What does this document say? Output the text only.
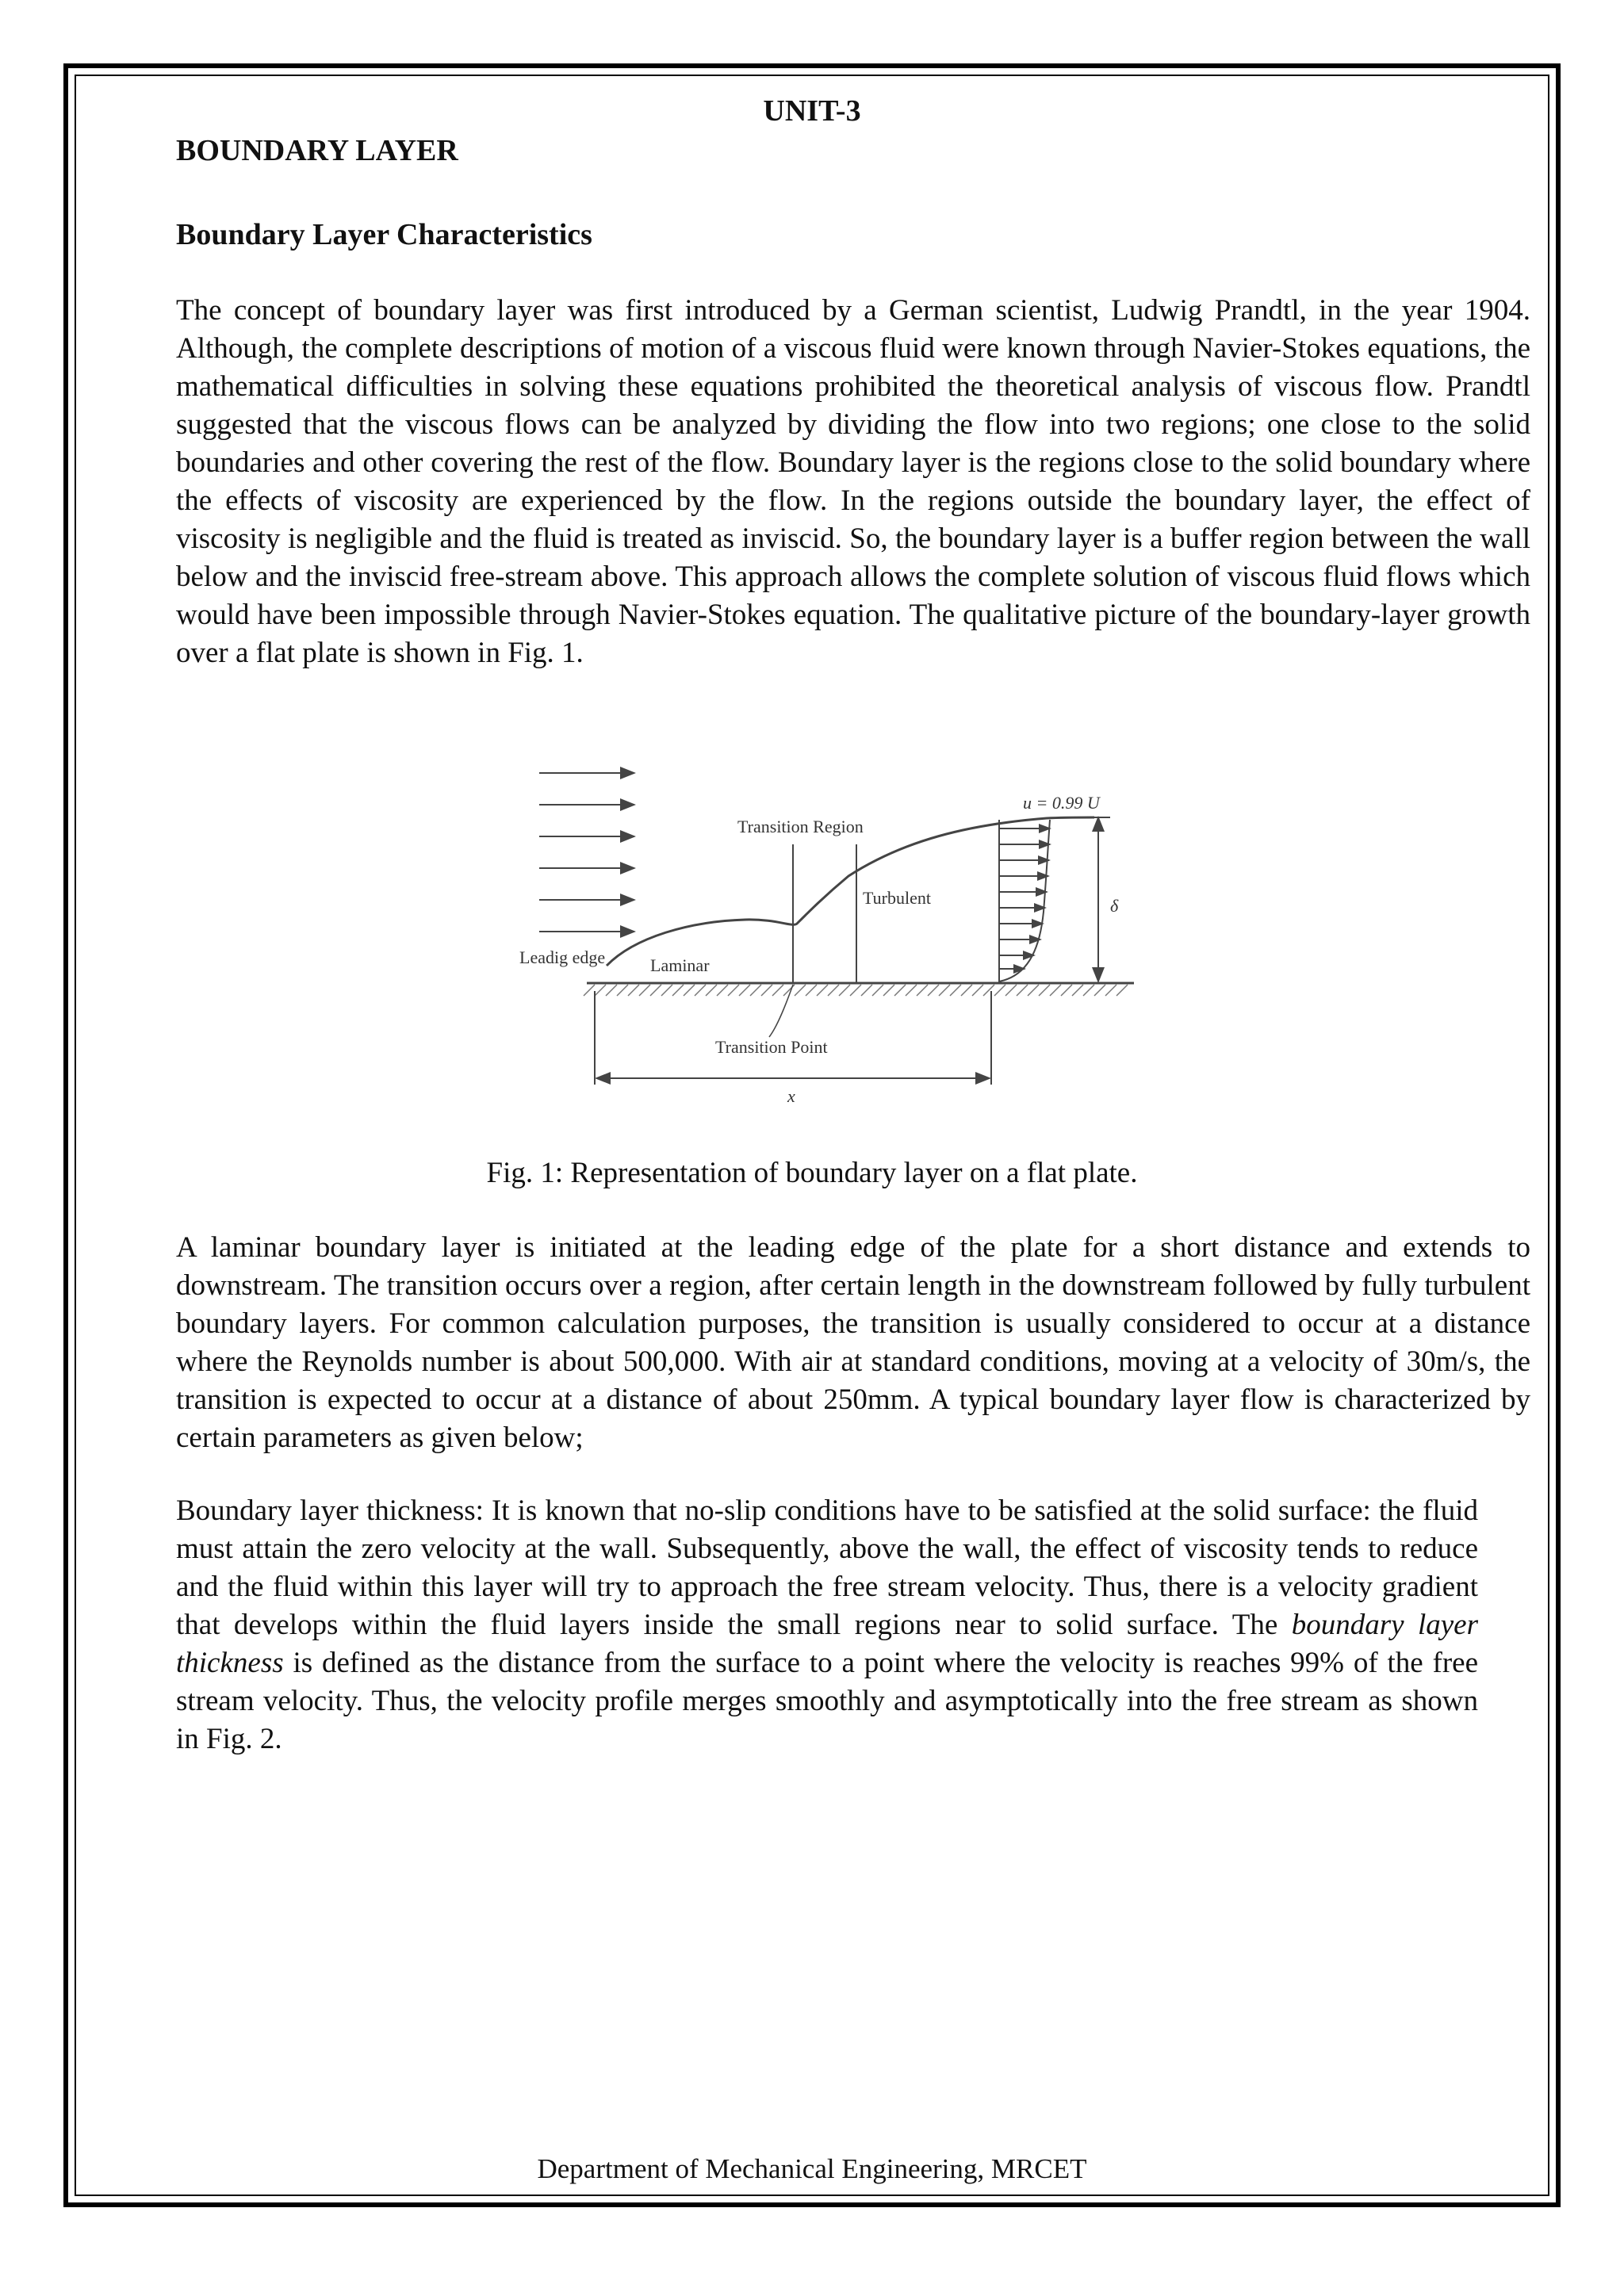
UNIT-3
BOUNDARY LAYER
Boundary Layer Characteristics

The concept of boundary layer was first introduced by a German scientist, Ludwig Prandtl, in the year 1904. Although, the complete descriptions of motion of a viscous fluid were known through Navier-Stokes equations, the mathematical difficulties in solving these equations prohibited the theoretical analysis of viscous flow. Prandtl suggested that the viscous flows can be analyzed by dividing the flow into two regions; one close to the solid boundaries and other covering the rest of the flow. Boundary layer is the regions close to the solid boundary where the effects of viscosity are experienced by the flow. In the regions outside the boundary layer, the effect of viscosity is negligible and the fluid is treated as inviscid. So, the boundary layer is a buffer region between the wall below and the inviscid free-stream above. This approach allows the complete solution of viscous fluid flows which would have been impossible through Navier-Stokes equation. The qualitative picture of the boundary-layer growth over a flat plate is shown in Fig. 1.

Transition Region
u = 0.99 U
Turbulent	δ
Leadig edge	Laminar
Transition Point
x
Fig. 1: Representation of boundary layer on a flat plate.

A laminar boundary layer is initiated at the leading edge of the plate for a short distance and extends to downstream. The transition occurs over a region, after certain length in the downstream followed by fully turbulent boundary layers. For common calculation purposes, the transition is usually considered to occur at a distance where the Reynolds number is about 500,000. With air at standard conditions, moving at a velocity of 30m/s, the transition is expected to occur at a distance of about 250mm. A typical boundary layer flow is characterized by certain parameters as given below;

Boundary layer thickness: It is known that no-slip conditions have to be satisfied at the solid surface: the fluid must attain the zero velocity at the wall. Subsequently, above the wall, the effect of viscosity tends to reduce and the fluid within this layer will try to approach the free stream velocity. Thus, there is a velocity gradient that develops within the fluid layers inside the small regions near to solid surface. The boundary layer thickness is defined as the distance from the surface to a point where the velocity is reaches 99% of the free stream velocity. Thus, the velocity profile merges smoothly and asymptotically into the free stream as shown in Fig. 2.

Department of Mechanical Engineering, MRCET
